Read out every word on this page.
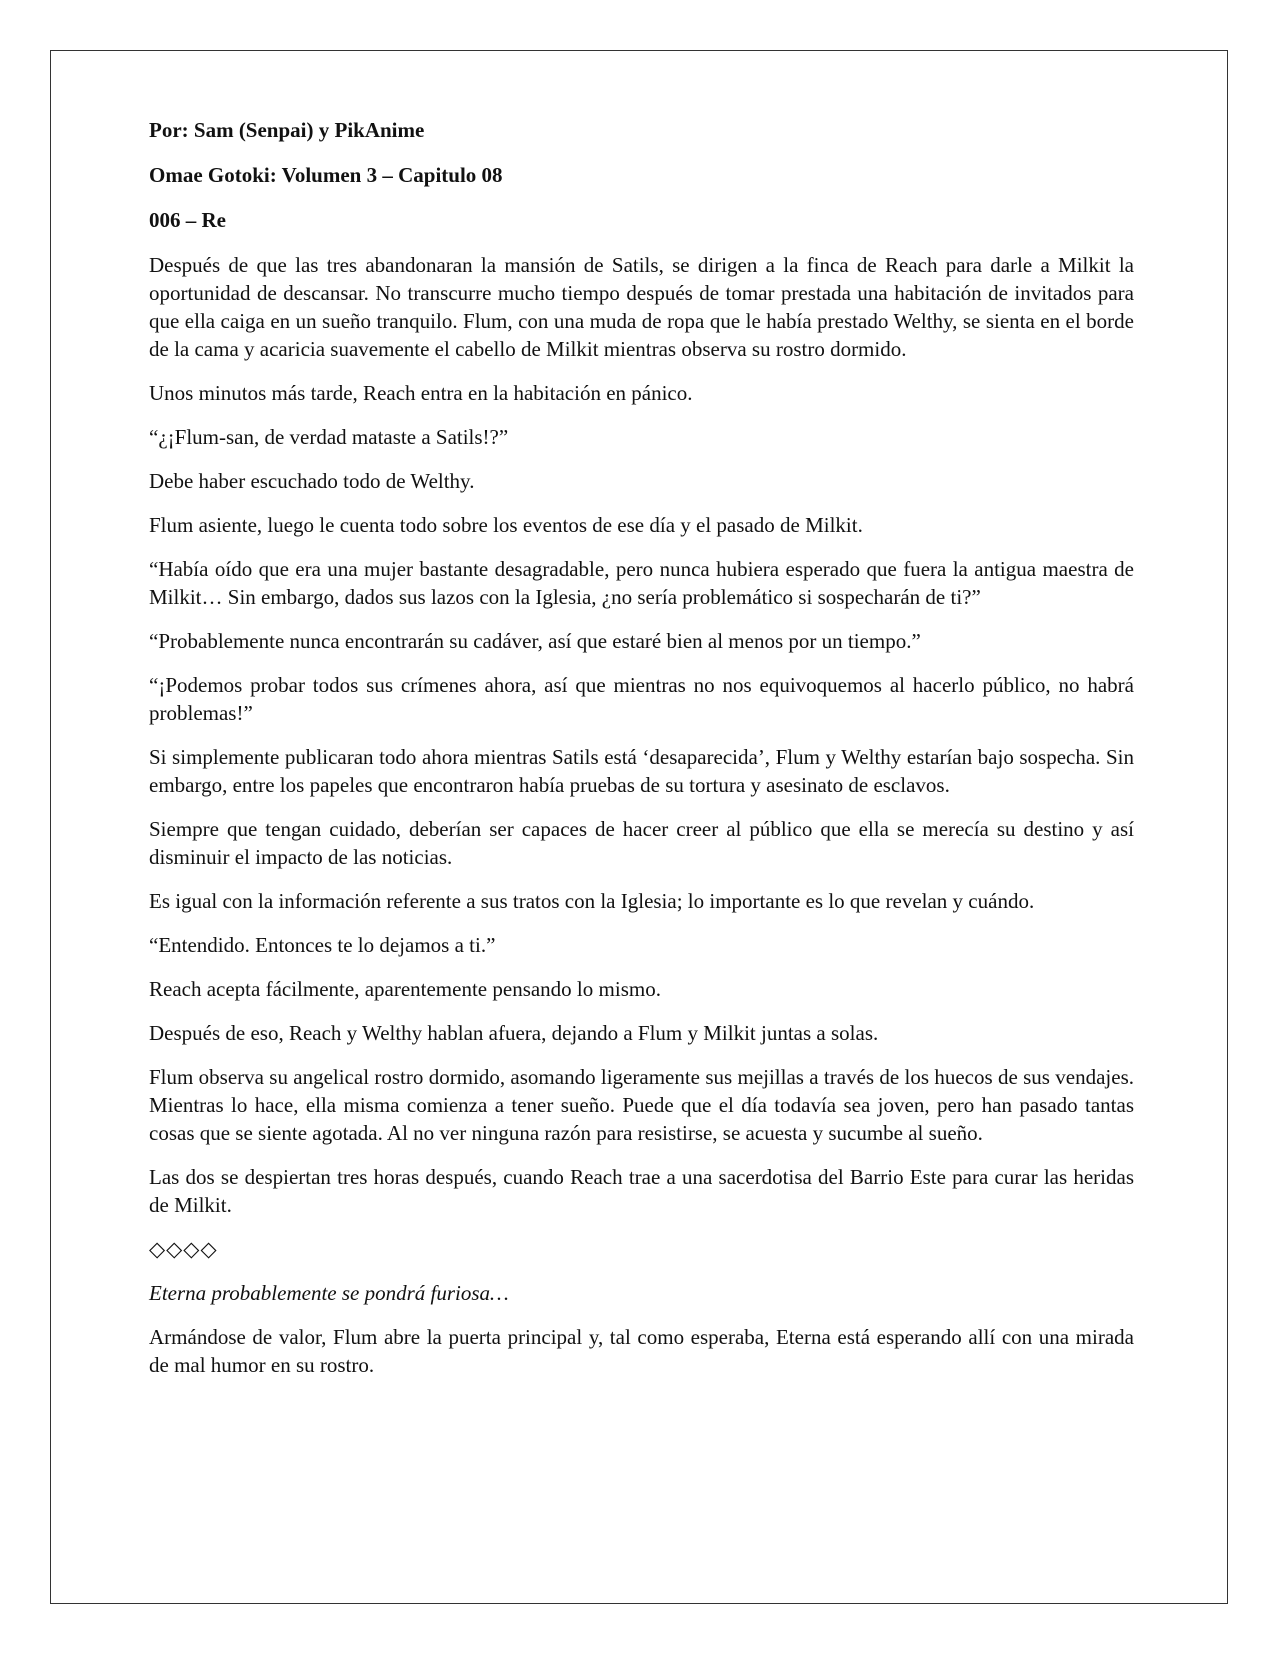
Por: Sam (Senpai) y PikAnime

Omae Gotoki: Volumen 3 – Capitulo 08

006 – Re

Después de que las tres abandonaran la mansión de Satils, se dirigen a la finca de Reach para darle a Milkit la oportunidad de descansar. No transcurre mucho tiempo después de tomar prestada una habitación de invitados para que ella caiga en un sueño tranquilo. Flum, con una muda de ropa que le había prestado Welthy, se sienta en el borde de la cama y acaricia suavemente el cabello de Milkit mientras observa su rostro dormido.

Unos minutos más tarde, Reach entra en la habitación en pánico.

“¿¡Flum-san, de verdad mataste a Satils!?”

Debe haber escuchado todo de Welthy.

Flum asiente, luego le cuenta todo sobre los eventos de ese día y el pasado de Milkit.

“Había oído que era una mujer bastante desagradable, pero nunca hubiera esperado que fuera la antigua maestra de Milkit… Sin embargo, dados sus lazos con la Iglesia, ¿no sería problemático si sospecharán de ti?”

“Probablemente nunca encontrarán su cadáver, así que estaré bien al menos por un tiempo.”

“¡Podemos probar todos sus crímenes ahora, así que mientras no nos equivoquemos al hacerlo público, no habrá problemas!”

Si simplemente publicaran todo ahora mientras Satils está ‘desaparecida’, Flum y Welthy estarían bajo sospecha. Sin embargo, entre los papeles que encontraron había pruebas de su tortura y asesinato de esclavos.

Siempre que tengan cuidado, deberían ser capaces de hacer creer al público que ella se merecía su destino y así disminuir el impacto de las noticias.

Es igual con la información referente a sus tratos con la Iglesia; lo importante es lo que revelan y cuándo.

“Entendido. Entonces te lo dejamos a ti.”

Reach acepta fácilmente, aparentemente pensando lo mismo.

Después de eso, Reach y Welthy hablan afuera, dejando a Flum y Milkit juntas a solas.

Flum observa su angelical rostro dormido, asomando ligeramente sus mejillas a través de los huecos de sus vendajes. Mientras lo hace, ella misma comienza a tener sueño. Puede que el día todavía sea joven, pero han pasado tantas cosas que se siente agotada. Al no ver ninguna razón para resistirse, se acuesta y sucumbe al sueño.

Las dos se despiertan tres horas después, cuando Reach trae a una sacerdotisa del Barrio Este para curar las heridas de Milkit.

◇◇◇◇

Eterna probablemente se pondrá furiosa…

Armándose de valor, Flum abre la puerta principal y, tal como esperaba, Eterna está esperando allí con una mirada de mal humor en su rostro.
